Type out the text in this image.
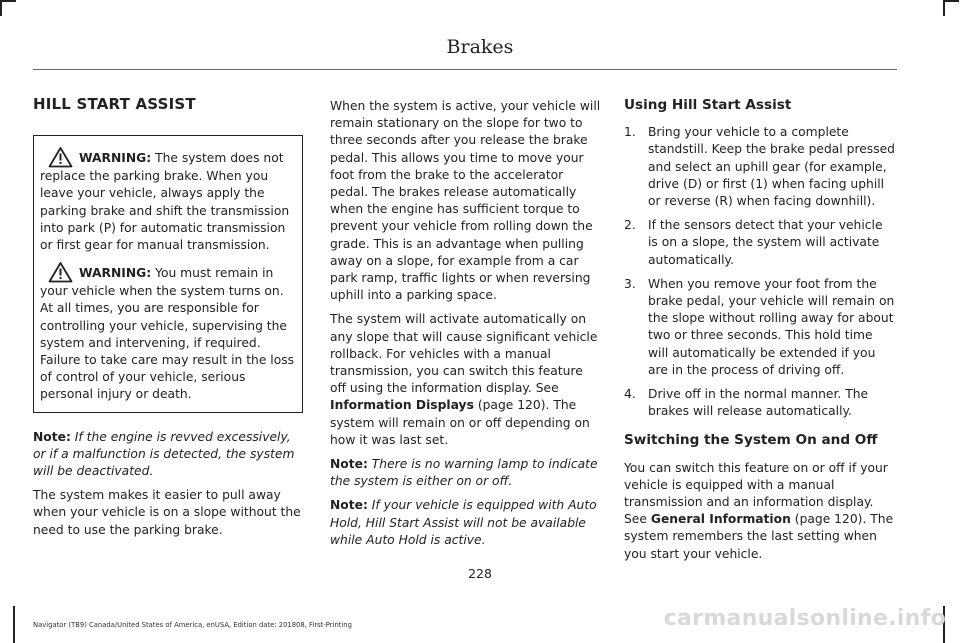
Brakes
HILL START ASSIST

WARNING: The system does not replace the parking brake. When you leave your vehicle, always apply the parking brake and shift the transmission into park (P) for automatic transmission or first gear for manual transmission.

WARNING: You must remain in your vehicle when the system turns on. At all times, you are responsible for controlling your vehicle, supervising the system and intervening, if required. Failure to take care may result in the loss of control of your vehicle, serious personal injury or death.

Note: If the engine is revved excessively, or if a malfunction is detected, the system will be deactivated.

The system makes it easier to pull away when your vehicle is on a slope without the need to use the parking brake.

When the system is active, your vehicle will remain stationary on the slope for two to three seconds after you release the brake pedal. This allows you time to move your foot from the brake to the accelerator pedal. The brakes release automatically when the engine has sufficient torque to prevent your vehicle from rolling down the grade. This is an advantage when pulling away on a slope, for example from a car park ramp, traffic lights or when reversing uphill into a parking space.

The system will activate automatically on any slope that will cause significant vehicle rollback. For vehicles with a manual transmission, you can switch this feature off using the information display. See Information Displays (page 120). The system will remain on or off depending on how it was last set.

Note: There is no warning lamp to indicate the system is either on or off.

Note: If your vehicle is equipped with Auto Hold, Hill Start Assist will not be available while Auto Hold is active.

Using Hill Start Assist
1. Bring your vehicle to a complete standstill. Keep the brake pedal pressed and select an uphill gear (for example, drive (D) or first (1) when facing uphill or reverse (R) when facing downhill).
2. If the sensors detect that your vehicle is on a slope, the system will activate automatically.
3. When you remove your foot from the brake pedal, your vehicle will remain on the slope without rolling away for about two or three seconds. This hold time will automatically be extended if you are in the process of driving off.
4. Drive off in the normal manner. The brakes will release automatically.
Switching the System On and Off

You can switch this feature on or off if your vehicle is equipped with a manual transmission and an information display. See General Information (page 120). The system remembers the last setting when you start your vehicle.

228
Navigator (TB9) Canada/United States of America, enUSA, Edition date: 201808, First-Printing	carmanualsonline.info
